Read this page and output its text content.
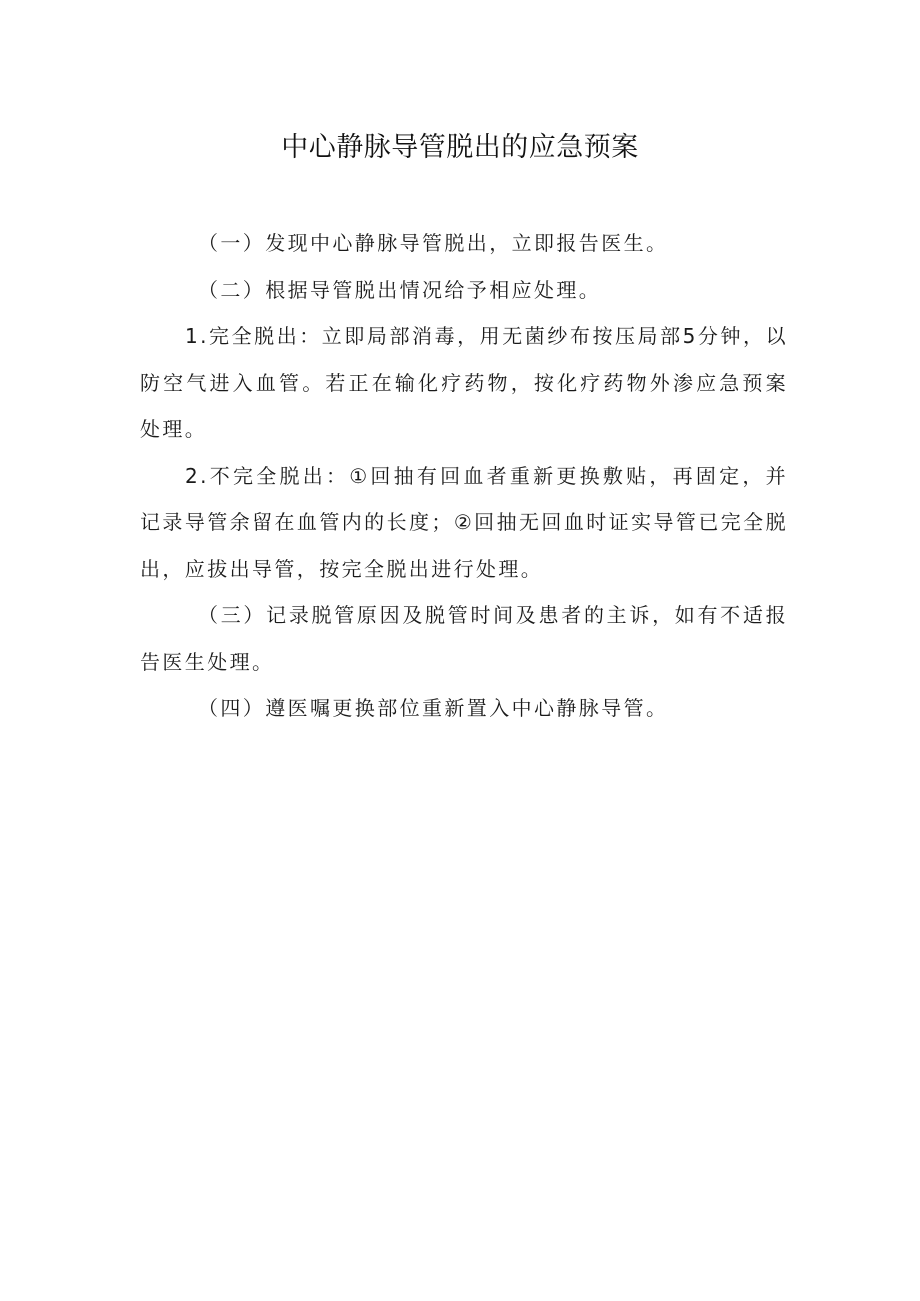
中心静脉导管脱出的应急预案

（一）发现中心静脉导管脱出，立即报告医生。

（二）根据导管脱出情况给予相应处理。

1.完全脱出：立即局部消毒，用无菌纱布按压局部5分钟，以防空气进入血管。若正在输化疗药物，按化疗药物外渗应急预案处理。

2.不完全脱出：①回抽有回血者重新更换敷贴，再固定，并记录导管余留在血管内的长度；②回抽无回血时证实导管已完全脱出，应拔出导管，按完全脱出进行处理。

（三）记录脱管原因及脱管时间及患者的主诉，如有不适报告医生处理。

（四）遵医嘱更换部位重新置入中心静脉导管。
